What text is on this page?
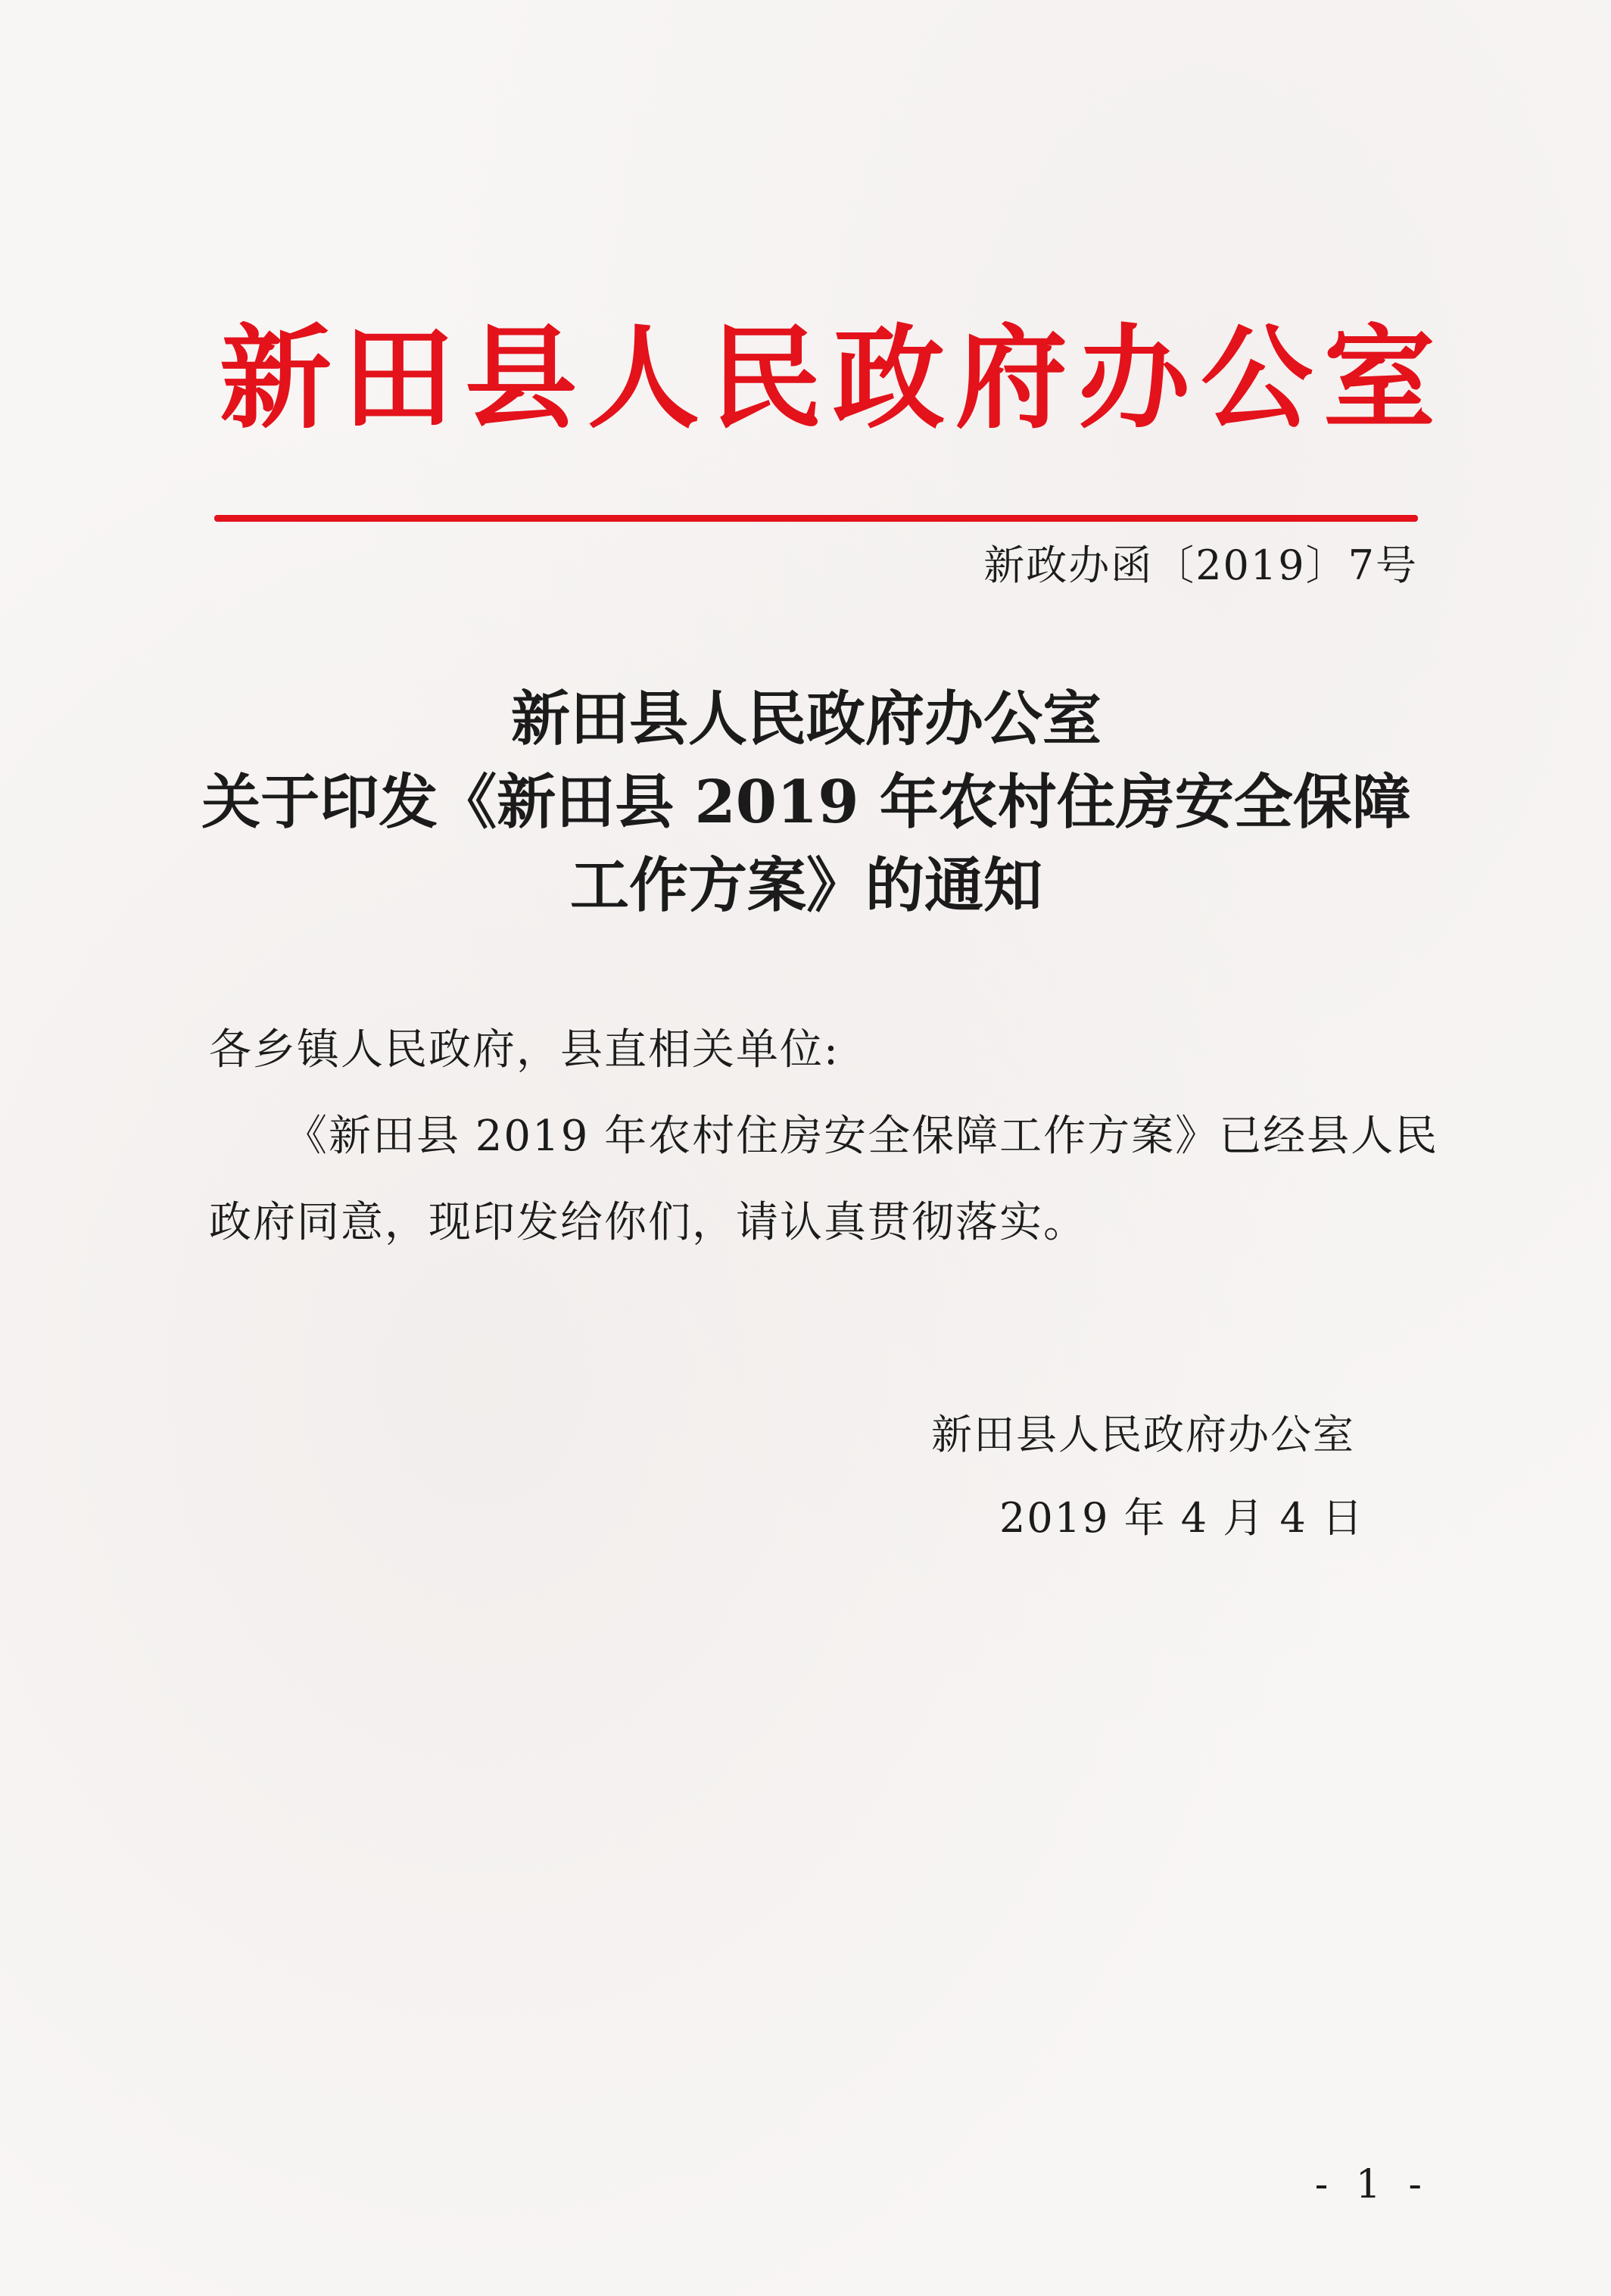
新田县人民政府办公室
新政办函〔2019〕7号
新田县人民政府办公室
关于印发《新田县 2019 年农村住房安全保障
工作方案》的通知
各乡镇人民政府，县直相关单位:
《新田县 2019 年农村住房安全保障工作方案》已经县人民
政府同意，现印发给你们，请认真贯彻落实。
新田县人民政府办公室
2019 年 4 月 4 日
- 1 -
